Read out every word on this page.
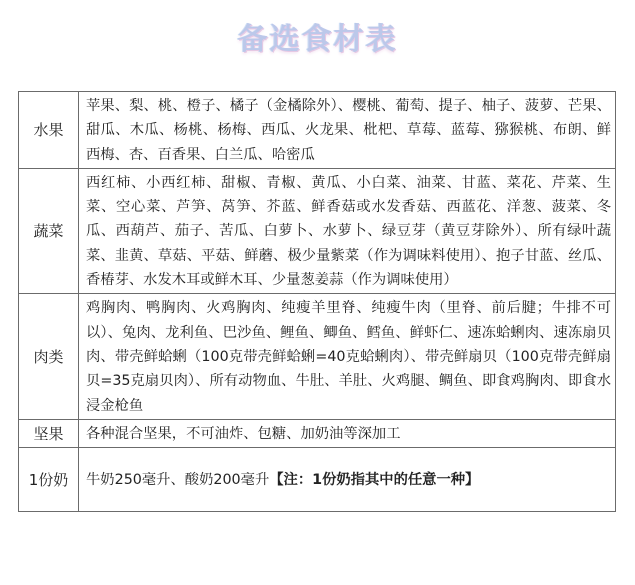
备选食材表
水果	苹果、梨、桃、橙子、橘子（金橘除外）、樱桃、葡萄、提子、柚子、菠萝、芒果、甜瓜、木瓜、杨桃、杨梅、西瓜、火龙果、枇杷、草莓、蓝莓、猕猴桃、布朗、鲜西梅、杏、百香果、白兰瓜、哈密瓜
蔬菜	西红柿、小西红柿、甜椒、青椒、黄瓜、小白菜、油菜、甘蓝、菜花、芹菜、生菜、空心菜、芦笋、莴笋、芥蓝、鲜香菇或水发香菇、西蓝花、洋葱、菠菜、冬瓜、西葫芦、茄子、苦瓜、白萝卜、水萝卜、绿豆芽（黄豆芽除外）、所有绿叶蔬菜、韭黄、草菇、平菇、鲜蘑、极少量紫菜（作为调味料使用）、抱子甘蓝、丝瓜、香椿芽、水发木耳或鲜木耳、少量葱姜蒜（作为调味使用）
肉类	鸡胸肉、鸭胸肉、火鸡胸肉、纯瘦羊里脊、纯瘦牛肉（里脊、前后腱；牛排不可以）、兔肉、龙利鱼、巴沙鱼、鲤鱼、鲫鱼、鳕鱼、鲜虾仁、速冻蛤蜊肉、速冻扇贝肉、带壳鲜蛤蜊（100克带壳鲜蛤蜊=40克蛤蜊肉）、带壳鲜扇贝（100克带壳鲜扇贝=35克扇贝肉）、所有动物血、牛肚、羊肚、火鸡腿、鲷鱼、即食鸡胸肉、即食水浸金枪鱼
坚果	各种混合坚果，不可油炸、包糖、加奶油等深加工
1份奶	牛奶250毫升、酸奶200毫升【注：1份奶指其中的任意一种】
